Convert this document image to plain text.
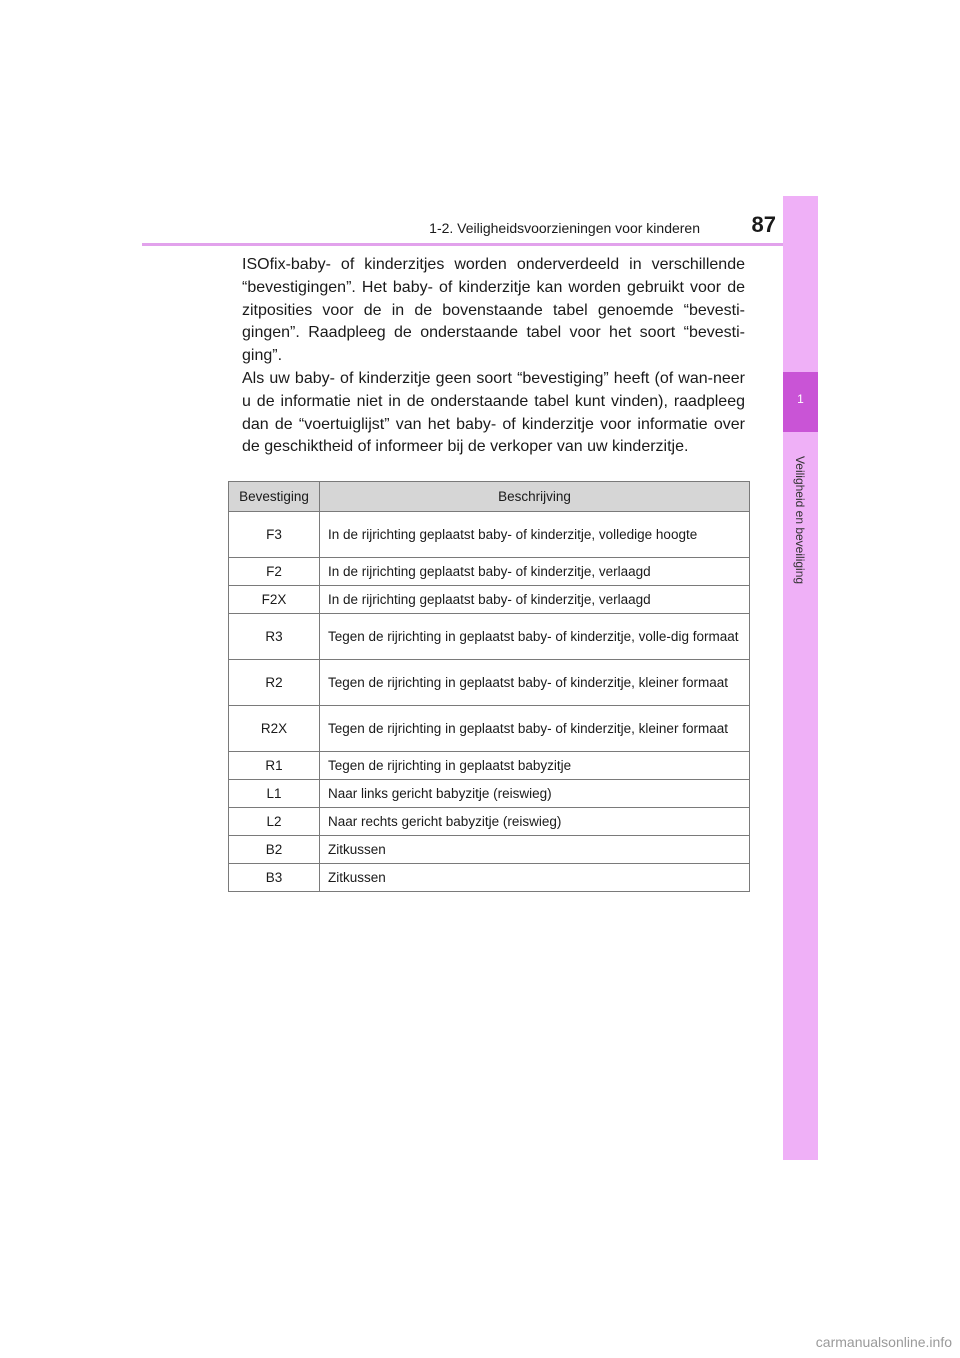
1-2. Veiligheidsvoorzieningen voor kinderen	87
1
Veiligheid en beveiliging

ISOfix-baby- of kinderzitjes worden onderverdeeld in verschillende “bevestigingen”. Het baby- of kinderzitje kan worden gebruikt voor de zitposities voor de in de bovenstaande tabel genoemde “bevesti-gingen”. Raadpleeg de onderstaande tabel voor het soort “bevesti-ging”.

Als uw baby- of kinderzitje geen soort “bevestiging” heeft (of wan-neer u de informatie niet in de onderstaande tabel kunt vinden), raadpleeg dan de “voertuiglijst” van het baby- of kinderzitje voor informatie over de geschiktheid of informeer bij de verkoper van uw kinderzitje.

Bevestiging	Beschrijving
F3	In de rijrichting geplaatst baby- of kinderzitje, volledige hoogte
F2	In de rijrichting geplaatst baby- of kinderzitje, verlaagd
F2X	In de rijrichting geplaatst baby- of kinderzitje, verlaagd
R3	Tegen de rijrichting in geplaatst baby- of kinderzitje, volle-dig formaat
R2	Tegen de rijrichting in geplaatst baby- of kinderzitje, kleiner formaat
R2X	Tegen de rijrichting in geplaatst baby- of kinderzitje, kleiner formaat
R1	Tegen de rijrichting in geplaatst babyzitje
L1	Naar links gericht babyzitje (reiswieg)
L2	Naar rechts gericht babyzitje (reiswieg)
B2	Zitkussen
B3	Zitkussen
carmanualsonline.info
